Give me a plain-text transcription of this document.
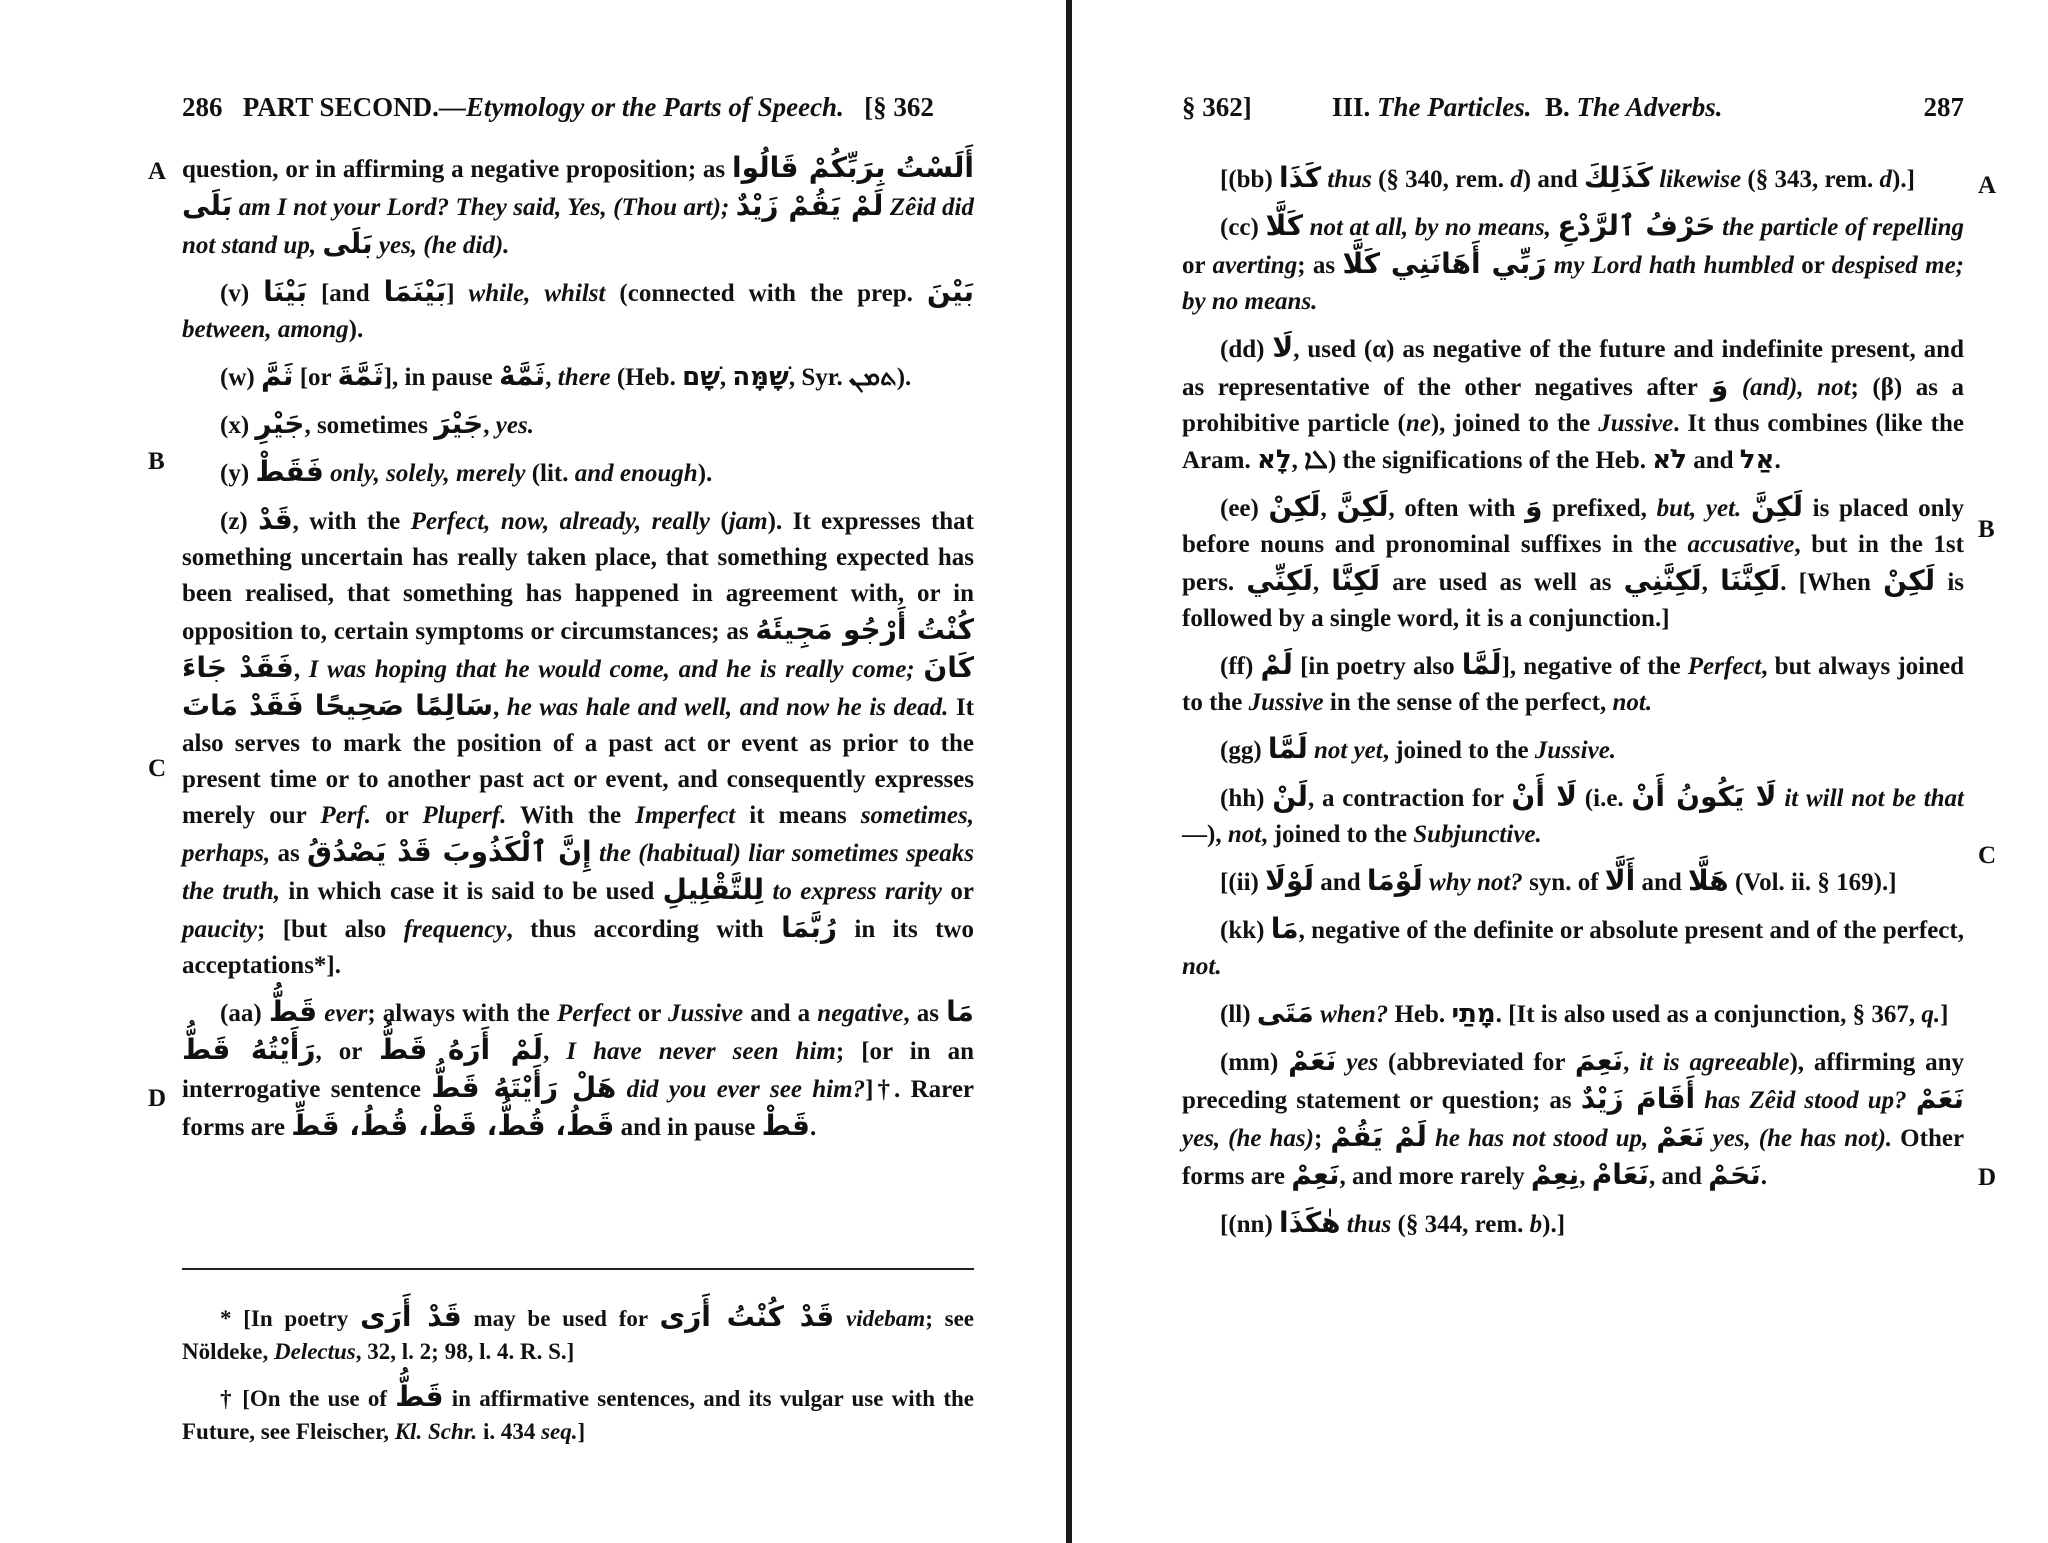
286 PART SECOND.—Etymology or the Parts of Speech. [§ 362
A
B
C
D

question, or in affirming a negative proposition; as أَلَسْتُ بِرَبِّكُمْ قَالُوا بَلَى am I not your Lord? They said, Yes, (Thou art); لَمْ يَقُمْ زَيْدٌ Zêid did not stand up, بَلَى yes, (he did).

(v) بَيْنَا [and بَيْنَمَا] while, whilst (connected with the prep. بَيْنَ between, among).

(w) ثَمَّ [or ثَمَّةَ], in pause ثَمَّهْ, there (Heb. שָׁם, שָׁמָּה, Syr. ܬܡܢ).

(x) جَيْرِ, sometimes جَيْرَ, yes.

(y) فَقَطْ only, solely, merely (lit. and enough).

(z) قَدْ, with the Perfect, now, already, really (jam). It expresses that something uncertain has really taken place, that something expected has been realised, that something has happened in agreement with, or in opposition to, certain symptoms or circumstances; as كُنْتُ أَرْجُو مَجِيئَهُ فَقَدْ جَاءَ, I was hoping that he would come, and he is really come; كَانَ سَالِمًا صَحِيحًا فَقَدْ مَاتَ, he was hale and well, and now he is dead. It also serves to mark the position of a past act or event as prior to the present time or to another past act or event, and consequently expresses merely our Perf. or Pluperf. With the Imperfect it means sometimes, perhaps, as إِنَّ ٱلْكَذُوبَ قَدْ يَصْدُقُ the (habitual) liar sometimes speaks the truth, in which case it is said to be used لِلتَّقْلِيلِ to express rarity or paucity; [but also frequency, thus according with رُبَّمَا in its two acceptations*].

(aa) قَطُّ ever; always with the Perfect or Jussive and a negative, as مَا رَأَيْتُهُ قَطُّ, or لَمْ أَرَهُ قَطُّ, I have never seen him; [or in an interrogative sentence هَلْ رَأَيْتَهُ قَطُّ did you ever see him?]†. Rarer forms are قَطُ، قُطُّ، قَطْ، قُطُ، قَطِّ and in pause قَطْ.

* [In poetry قَدْ أَرَى may be used for قَدْ كُنْتُ أَرَى videbam; see Nöldeke, Delectus, 32, l. 2; 98, l. 4. R. S.]
† [On the use of قَطُّ in affirmative sentences, and its vulgar use with the Future, see Fleischer, Kl. Schr. i. 434 seq.]
§ 362]	III. The Particles. B. The Adverbs.	287
A
B
C
D

[(bb) كَذَا thus (§ 340, rem. d) and كَذَلِكَ likewise (§ 343, rem. d).]

(cc) كَلَّا not at all, by no means, حَرْفُ ٱلرَّدْعِ the particle of repelling or averting; as رَبِّي أَهَانَنِي كَلَّا my Lord hath humbled or despised me; by no means.

(dd) لَا, used (α) as negative of the future and indefinite present, and as representative of the other negatives after وَ (and), not; (β) as a prohibitive particle (ne), joined to the Jussive. It thus combines (like the Aram. לָא, ܠܐ) the significations of the Heb. לֹא and אַל.

(ee) لَكِنْ, لَكِنَّ, often with وَ prefixed, but, yet. لَكِنَّ is placed only before nouns and pronominal suffixes in the accusative, but in the 1st pers. لَكِنِّي, لَكِنَّا are used as well as لَكِنَّنِي, لَكِنَّنَا. [When لَكِنْ is followed by a single word, it is a conjunction.]

(ff) لَمْ [in poetry also لَمَّا], negative of the Perfect, but always joined to the Jussive in the sense of the perfect, not.

(gg) لَمَّا not yet, joined to the Jussive.

(hh) لَنْ, a contraction for لَا أَنْ (i.e. لَا يَكُونُ أَنْ it will not be that—), not, joined to the Subjunctive.

[(ii) لَوْلَا and لَوْمَا why not? syn. of أَلَّا and هَلَّا (Vol. ii. § 169).]

(kk) مَا, negative of the definite or absolute present and of the perfect, not.

(ll) مَتَى when? Heb. מָתַי. [It is also used as a conjunction, § 367, q.]

(mm) نَعَمْ yes (abbreviated for نَعِمَ, it is agreeable), affirming any preceding statement or question; as أَقَامَ زَيْدٌ has Zêid stood up? نَعَمْ yes, (he has); لَمْ يَقُمْ he has not stood up, نَعَمْ yes, (he has not). Other forms are نَعِمْ, and more rarely نِعِمْ, نَعَامْ, and نَحَمْ.

[(nn) هٰكَذَا thus (§ 344, rem. b).]
